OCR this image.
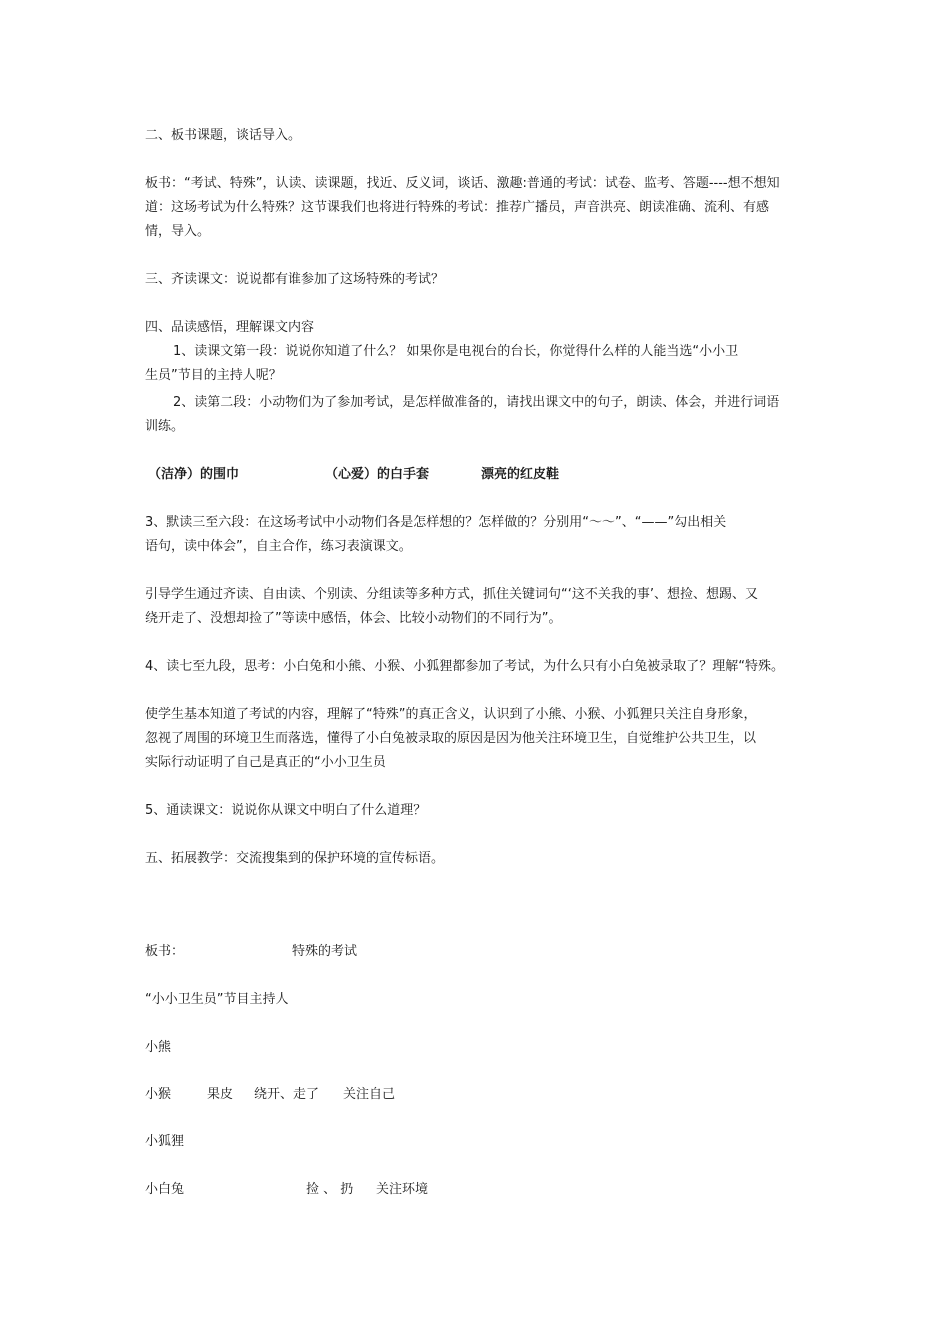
二、板书课题，谈话导入。
板书：“考试、特殊”，认读、读课题，找近、反义词，谈话、激趣:普通的考试：试卷、监考、答题----想不想知
道：这场考试为什么特殊？这节课我们也将进行特殊的考试：推荐广播员，声音洪亮、朗读准确、流利、有感
情，导入。
三、齐读课文：说说都有谁参加了这场特殊的考试？
四、品读感悟，理解课文内容
1、读课文第一段：说说你知道了什么？ 如果你是电视台的台长，你觉得什么样的人能当选“小小卫
生员”节目的主持人呢？
2、读第二段：小动物们为了参加考试，是怎样做准备的，请找出课文中的句子，朗读、体会，并进行词语
训练。
（洁净）的围巾	（心爱）的白手套	漂亮的红皮鞋
3、默读三至六段：在这场考试中小动物们各是怎样想的？怎样做的？分别用“～～”、“——”勾出相关
语句，读中体会”，自主合作，练习表演课文。
引导学生通过齐读、自由读、个别读、分组读等多种方式，抓住关键词句“‘这不关我的事’、想捡、想踢、又
绕开走了、没想却捡了”等读中感悟，体会、比较小动物们的不同行为”。
4、读七至九段，思考：小白兔和小熊、小猴、小狐狸都参加了考试，为什么只有小白兔被录取了？理解“特殊。
使学生基本知道了考试的内容，理解了“特殊”的真正含义，认识到了小熊、小猴、小狐狸只关注自身形象，
忽视了周围的环境卫生而落选，懂得了小白兔被录取的原因是因为他关注环境卫生，自觉维护公共卫生，以
实际行动证明了自己是真正的“小小卫生员
5、通读课文：说说你从课文中明白了什么道理？
五、拓展教学：交流搜集到的保护环境的宣传标语。
板书：	特殊的考试
“小小卫生员”节目主持人
小熊
小猴	果皮 绕开、走了 关注自己
小狐狸
小白兔	捡 、 扔 关注环境
